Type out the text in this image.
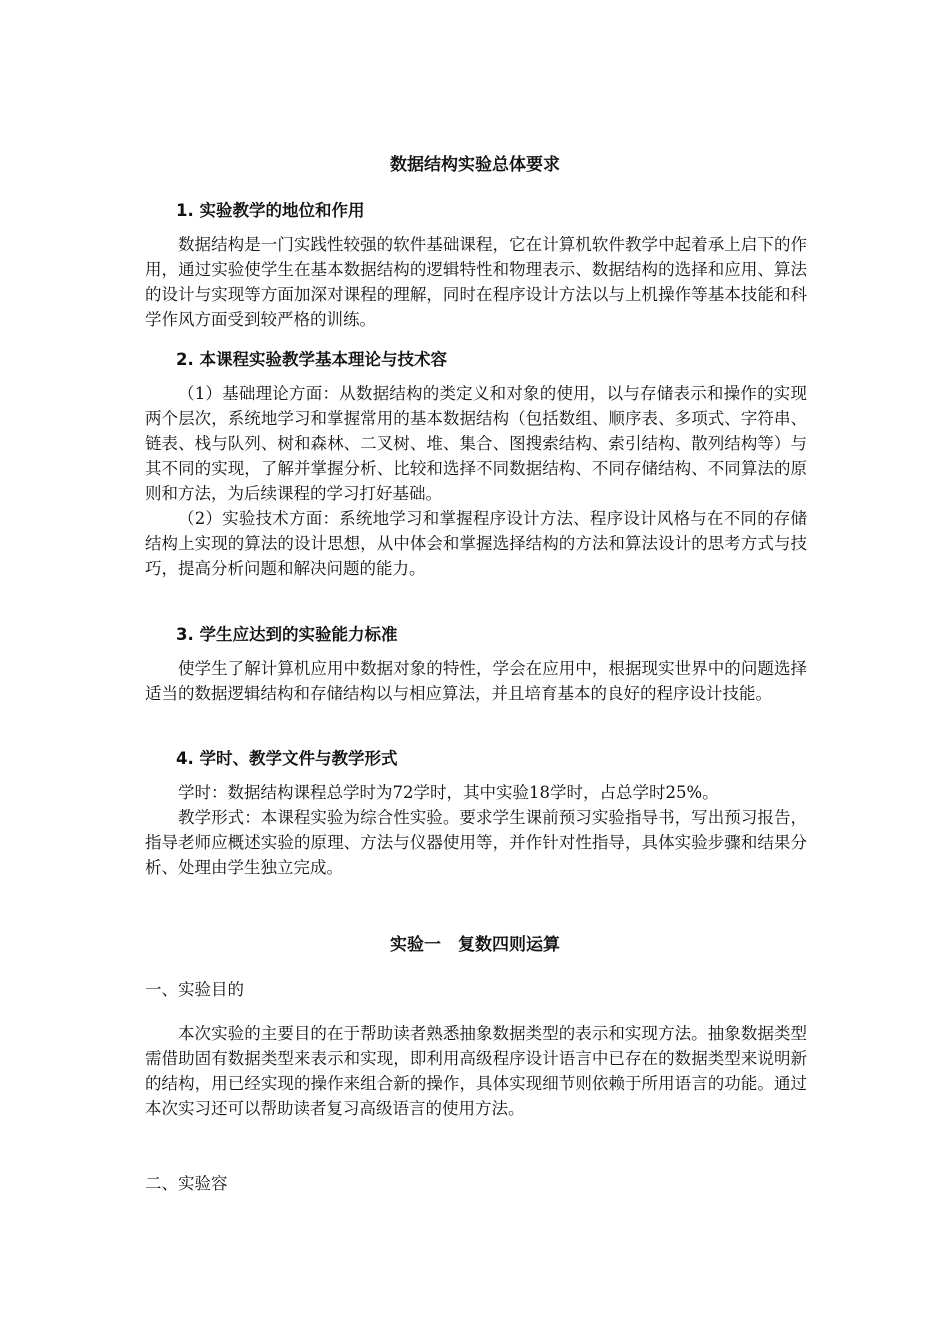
数据结构实验总体要求
1. 实验教学的地位和作用

数据结构是一门实践性较强的软件基础课程，它在计算机软件教学中起着承上启下的作用，通过实验使学生在基本数据结构的逻辑特性和物理表示、数据结构的选择和应用、算法的设计与实现等方面加深对课程的理解，同时在程序设计方法以与上机操作等基本技能和科学作风方面受到较严格的训练。

2. 本课程实验教学基本理论与技术容

（1）基础理论方面：从数据结构的类定义和对象的使用，以与存储表示和操作的实现两个层次，系统地学习和掌握常用的基本数据结构（包括数组、顺序表、多项式、字符串、链表、栈与队列、树和森林、二叉树、堆、集合、图搜索结构、索引结构、散列结构等）与其不同的实现，了解并掌握分析、比较和选择不同数据结构、不同存储结构、不同算法的原则和方法，为后续课程的学习打好基础。

（2）实验技术方面：系统地学习和掌握程序设计方法、程序设计风格与在不同的存储结构上实现的算法的设计思想，从中体会和掌握选择结构的方法和算法设计的思考方式与技巧，提高分析问题和解决问题的能力。

3. 学生应达到的实验能力标准

使学生了解计算机应用中数据对象的特性，学会在应用中，根据现实世界中的问题选择适当的数据逻辑结构和存储结构以与相应算法，并且培育基本的良好的程序设计技能。

4. 学时、教学文件与教学形式

学时：数据结构课程总学时为72学时，其中实验18学时，占总学时25%。

教学形式：本课程实验为综合性实验。要求学生课前预习实验指导书，写出预习报告，指导老师应概述实验的原理、方法与仪器使用等，并作针对性指导，具体实验步骤和结果分析、处理由学生独立完成。

实验一　复数四则运算
一、实验目的

本次实验的主要目的在于帮助读者熟悉抽象数据类型的表示和实现方法。抽象数据类型需借助固有数据类型来表示和实现，即利用高级程序设计语言中已存在的数据类型来说明新的结构，用已经实现的操作来组合新的操作，具体实现细节则依赖于所用语言的功能。通过本次实习还可以帮助读者复习高级语言的使用方法。

二、实验容
